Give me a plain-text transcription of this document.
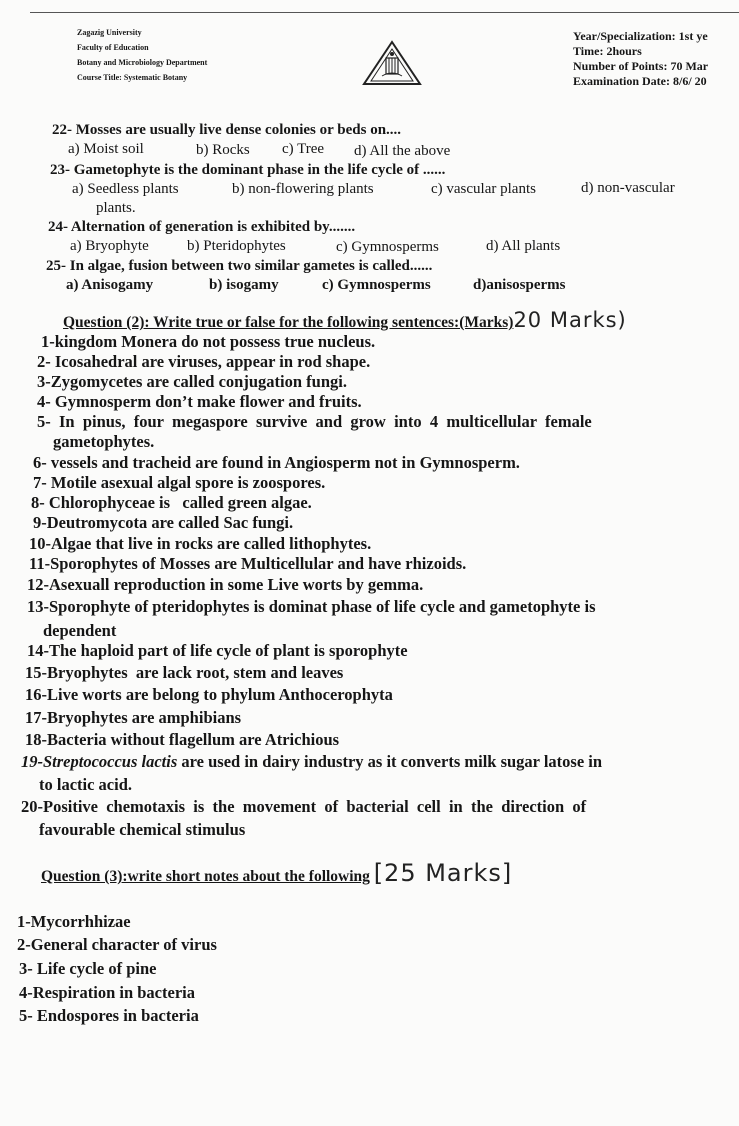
Zagazig University
Faculty of Education
Botany and Microbiology Department
Course Title: Systematic Botany
Year/Specialization: 1st ye
Time: 2hours
Number of Points: 70 Mar
Examination Date: 8/6/ 20
22- Mosses are usually live dense colonies or beds on....
a) Moist soil	b) Rocks c) Tree d) All the above
23- Gametophyte is the dominant phase in the life cycle of ......
a) Seedless plants	b) non-flowering plants	c) vascular plants	d) non-vascular
plants.
24- Alternation of generation is exhibited by.......
a) Bryophyte	b) Pteridophytes	c) Gymnosperms	d) All plants
25- In algae, fusion between two similar gametes is called......
a) Anisogamy	b) isogamy	c) Gymnosperms	d)anisosperms
Question (2): Write true or false for the following sentences:(Marks)20 Marks)
1-kingdom Monera do not possess true nucleus.
2- Icosahedral are viruses, appear in rod shape.
3-Zygomycetes are called conjugation fungi.
4- Gymnosperm don’t make flower and fruits.
5-  In  pinus,  four  megaspore  survive  and  grow  into  4  multicellular  female
gametophytes.
6- vessels and tracheid are found in Angiosperm not in Gymnosperm.
7- Motile asexual algal spore is zoospores.
8- Chlorophyceae is   called green algae.
9-Deutromycota are called Sac fungi.
10-Algae that live in rocks are called lithophytes.
11-Sporophytes of Mosses are Multicellular and have rhizoids.
12-Asexuall reproduction in some Live worts by gemma.
13-Sporophyte of pteridophytes is dominat phase of life cycle and gametophyte is
dependent
14-The haploid part of life cycle of plant is sporophyte
15-Bryophytes  are lack root, stem and leaves
16-Live worts are belong to phylum Anthocerophyta
17-Bryophytes are amphibians
18-Bacteria without flagellum are Atrichious
19-Streptococcus lactis are used in dairy industry as it converts milk sugar latose in
to lactic acid.
20-Positive  chemotaxis  is  the  movement  of  bacterial  cell  in  the  direction  of
favourable chemical stimulus
Question (3):write short notes about the following [25 Marks]
1-Mycorrhhizae
2-General character of virus
3- Life cycle of pine
4-Respiration in bacteria
5- Endospores in bacteria
